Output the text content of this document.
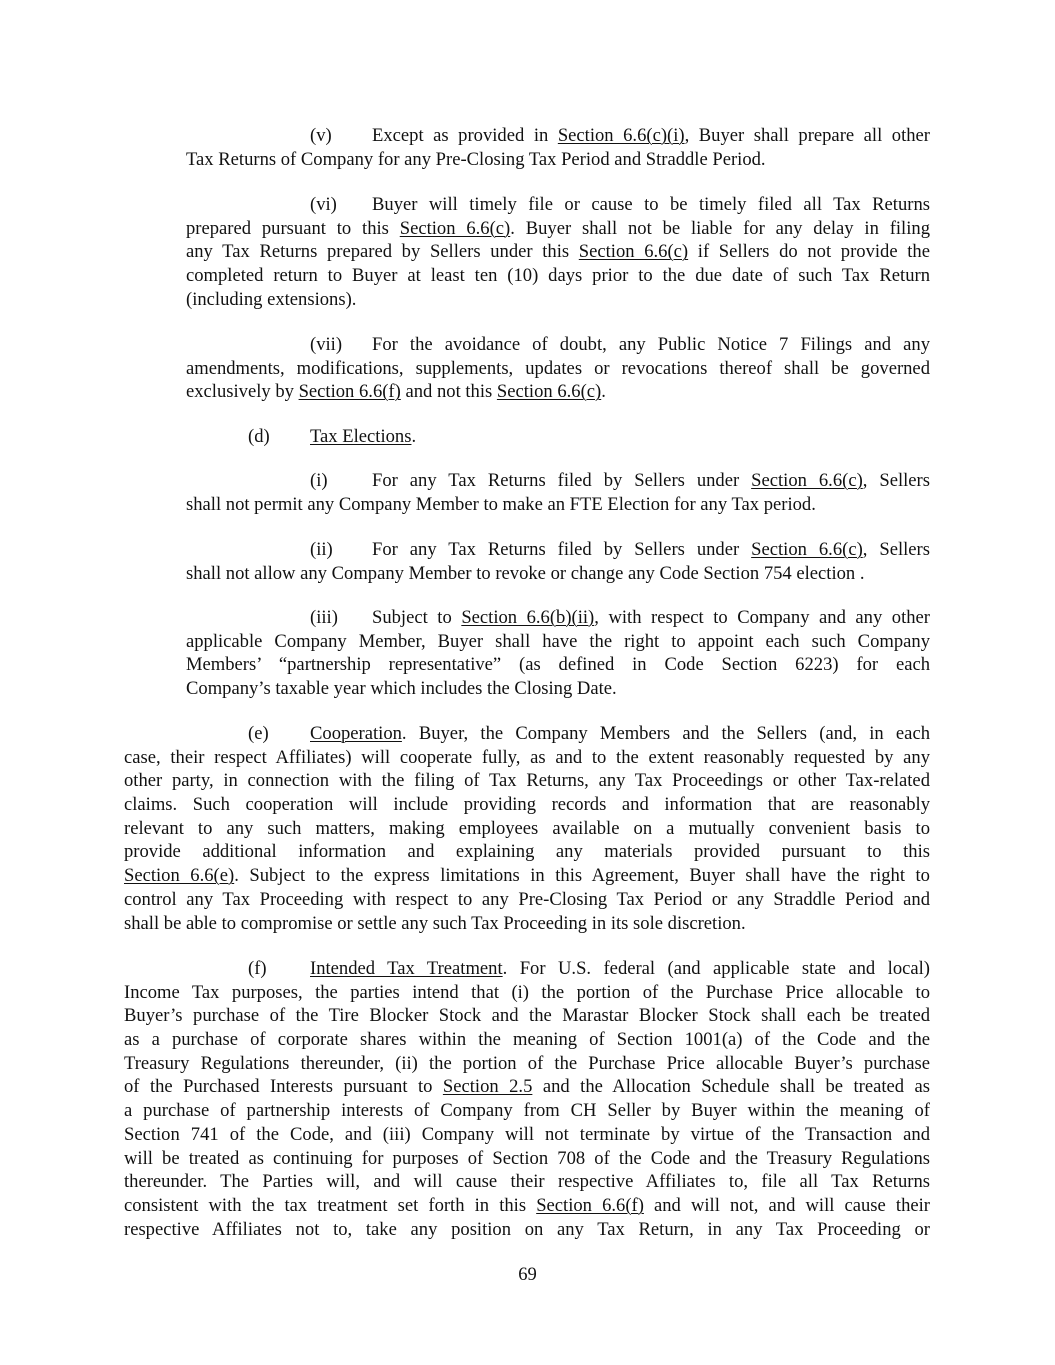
(v) Except as provided in Section 6.6(c)(i), Buyer shall prepare all other
Tax Returns of Company for any Pre-Closing Tax Period and Straddle Period.
(vi) Buyer will timely file or cause to be timely filed all Tax Returns
prepared pursuant to this Section 6.6(c). Buyer shall not be liable for any delay in filing
any Tax Returns prepared by Sellers under this Section 6.6(c) if Sellers do not provide the
completed return to Buyer at least ten (10) days prior to the due date of such Tax Return
(including extensions).
(vii) For the avoidance of doubt, any Public Notice 7 Filings and any
amendments, modifications, supplements, updates or revocations thereof shall be governed
exclusively by Section 6.6(f) and not this Section 6.6(c).
(d) Tax Elections.
(i) For any Tax Returns filed by Sellers under Section 6.6(c), Sellers
shall not permit any Company Member to make an FTE Election for any Tax period.
(ii) For any Tax Returns filed by Sellers under Section 6.6(c), Sellers
shall not allow any Company Member to revoke or change any Code Section 754 election .
(iii) Subject to Section 6.6(b)(ii), with respect to Company and any other
applicable Company Member, Buyer shall have the right to appoint each such Company
Members’ “partnership representative” (as defined in Code Section 6223) for each
Company’s taxable year which includes the Closing Date.
(e) Cooperation. Buyer, the Company Members and the Sellers (and, in each
case, their respect Affiliates) will cooperate fully, as and to the extent reasonably requested by any
other party, in connection with the filing of Tax Returns, any Tax Proceedings or other Tax-related
claims. Such cooperation will include providing records and information that are reasonably
relevant to any such matters, making employees available on a mutually convenient basis to
provide additional information and explaining any materials provided pursuant to this
Section 6.6(e). Subject to the express limitations in this Agreement, Buyer shall have the right to
control any Tax Proceeding with respect to any Pre-Closing Tax Period or any Straddle Period and
shall be able to compromise or settle any such Tax Proceeding in its sole discretion.
(f) Intended Tax Treatment. For U.S. federal (and applicable state and local)
Income Tax purposes, the parties intend that (i) the portion of the Purchase Price allocable to
Buyer’s purchase of the Tire Blocker Stock and the Marastar Blocker Stock shall each be treated
as a purchase of corporate shares within the meaning of Section 1001(a) of the Code and the
Treasury Regulations thereunder, (ii) the portion of the Purchase Price allocable Buyer’s purchase
of the Purchased Interests pursuant to Section 2.5 and the Allocation Schedule shall be treated as
a purchase of partnership interests of Company from CH Seller by Buyer within the meaning of
Section 741 of the Code, and (iii) Company will not terminate by virtue of the Transaction and
will be treated as continuing for purposes of Section 708 of the Code and the Treasury Regulations
thereunder. The Parties will, and will cause their respective Affiliates to, file all Tax Returns
consistent with the tax treatment set forth in this Section 6.6(f) and will not, and will cause their
respective Affiliates not to, take any position on any Tax Return, in any Tax Proceeding or
69
